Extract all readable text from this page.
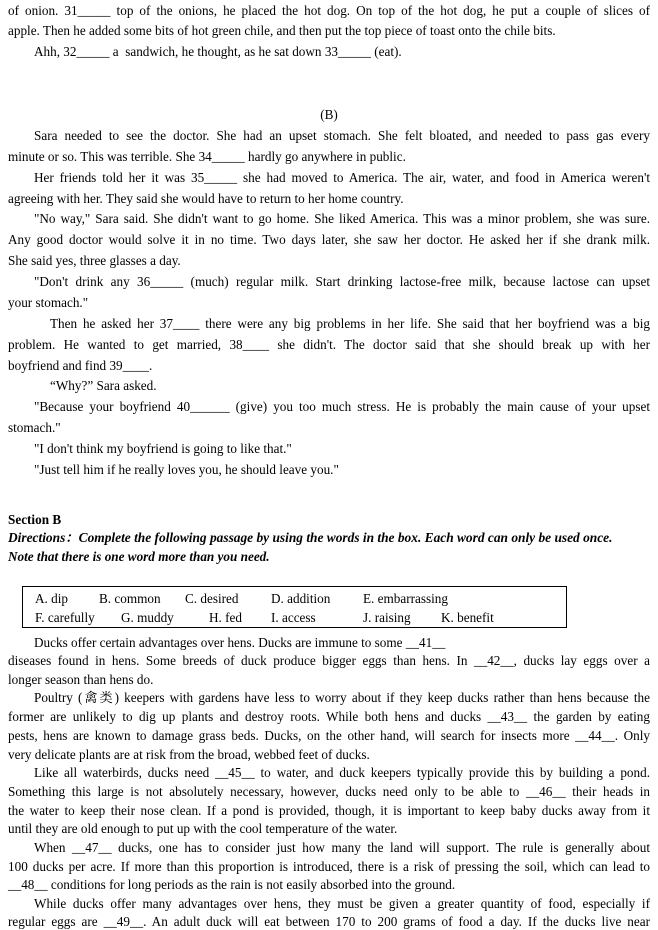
of onion. 31_____ top of the onions, he placed the hot dog. On top of the hot dog, he put a couple of slices of
apple. Then he added some bits of hot green chile, and then put the top piece of toast onto the chile bits.
Ahh, 32_____ a  sandwich, he thought, as he sat down 33_____ (eat).
(B)
Sara needed to see the doctor. She had an upset stomach. She felt bloated, and needed to pass gas every
minute or so. This was terrible. She 34_____ hardly go anywhere in public.
Her friends told her it was 35_____ she had moved to America. The air, water, and food in America weren't
agreeing with her. They said she would have to return to her home country.
"No way," Sara said. She didn't want to go home. She liked America. This was a minor problem, she was sure.
Any good doctor would solve it in no time. Two days later, she saw her doctor. He asked her if she drank milk.
She said yes, three glasses a day.
"Don't drink any 36_____ (much) regular milk. Start drinking lactose-free milk, because lactose can upset
your stomach."
Then he asked her 37____ there were any big problems in her life. She said that her boyfriend was a big
problem. He wanted to get married, 38____ she didn't. The doctor said that she should break up with her
boyfriend and find 39____.
“Why?” Sara asked.
"Because your boyfriend 40______ (give) you too much stress. He is probably the main cause of your upset
stomach."
"I don't think my boyfriend is going to like that."
"Just tell him if he really loves you, he should leave you."
Section B
Directions：Complete the following passage by using the words in the box. Each word can only be used once.
Note that there is one word more than you need.
A. dip B. common C. desired D. addition E. embarrassing
F. carefully G. muddy	H. fed I. access	J. raising K. benefit
Ducks offer certain advantages over hens. Ducks are immune to some __41__
diseases found in hens. Some breeds of duck produce bigger eggs than hens. In __42__, ducks lay eggs over a
longer season than hens do.
Poultry (禽类) keepers with gardens have less to worry about if they keep ducks rather than hens because the
former are unlikely to dig up plants and destroy roots. While both hens and ducks __43__ the garden by eating
pests, hens are known to damage grass beds. Ducks, on the other hand, will search for insects more __44__. Only
very delicate plants are at risk from the broad, webbed feet of ducks.
Like all waterbirds, ducks need __45__ to water, and duck keepers typically provide this by building a pond.
Something this large is not absolutely necessary, however, ducks need only to be able to __46__ their heads in
the water to keep their nose clean. If a pond is provided, though, it is important to keep baby ducks away from it
until they are old enough to put up with the cool temperature of the water.
When __47__ ducks, one has to consider just how many the land will support. The rule is generally about
100 ducks per acre. If more than this proportion is introduced, there is a risk of pressing the soil, which can lead to
__48__ conditions for long periods as the rain is not easily absorbed into the ground.
While ducks offer many advantages over hens, they must be given a greater quantity of food, especially if
regular eggs are __49__. An adult duck will eat between 170 to 200 grams of food a day. If the ducks live near
